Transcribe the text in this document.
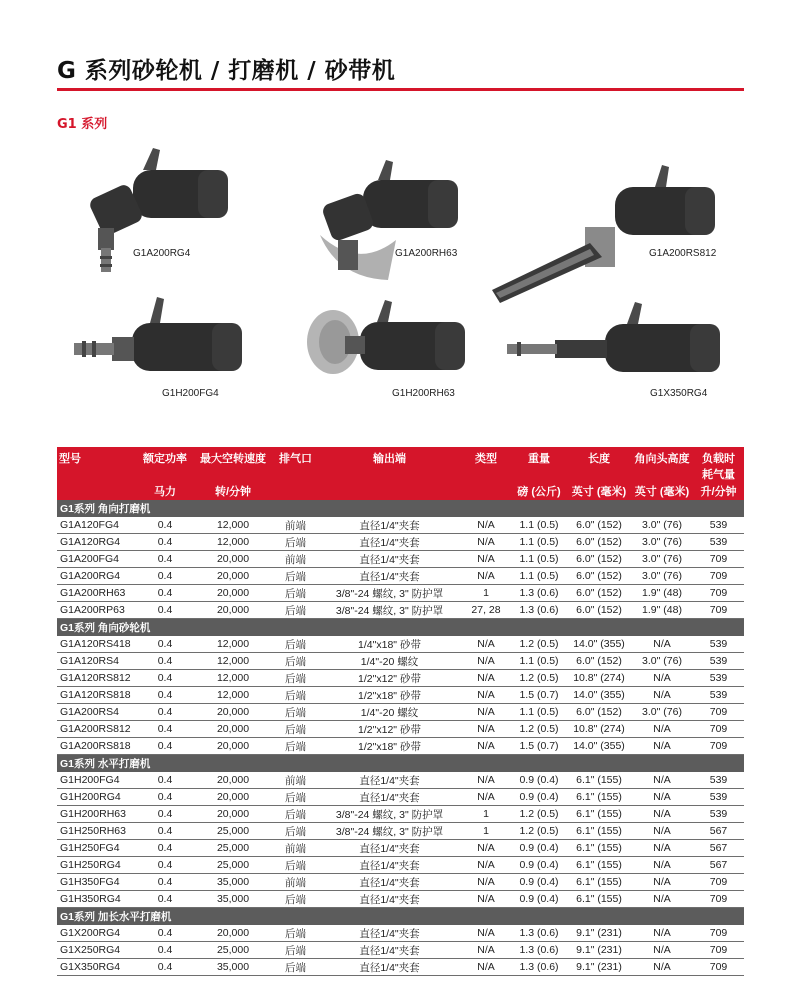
G 系列砂轮机 / 打磨机 / 砂带机
G1 系列
G1A200RG4	G1A200RH63	G1A200RS812
G1H200FG4	G1H200RH63	G1X350RG4
型号	额定功率	最大空转速度	排气口	输出端	类型	重量	长度	角向头高度	负载时
耗气量

	马力	转/分钟				磅 (公斤)	英寸 (毫米)	英寸 (毫米)	升/分钟
G1系列 角向打磨机									
G1A120FG4	0.4	12,000	前端	直径1/4"夹套	N/A	1.1 (0.5)	6.0" (152)	3.0" (76)	539
G1A120RG4	0.4	12,000	后端	直径1/4"夹套	N/A	1.1 (0.5)	6.0" (152)	3.0" (76)	539
G1A200FG4	0.4	20,000	前端	直径1/4"夹套	N/A	1.1 (0.5)	6.0" (152)	3.0" (76)	709
G1A200RG4	0.4	20,000	后端	直径1/4"夹套	N/A	1.1 (0.5)	6.0" (152)	3.0" (76)	709
G1A200RH63	0.4	20,000	后端	3/8"-24 螺纹, 3" 防护罩	1	1.3 (0.6)	6.0" (152)	1.9" (48)	709
G1A200RP63	0.4	20,000	后端	3/8"-24 螺纹, 3" 防护罩	27, 28	1.3 (0.6)	6.0" (152)	1.9" (48)	709
G1系列 角向砂轮机									
G1A120RS418	0.4	12,000	后端	1/4"x18" 砂带	N/A	1.2 (0.5)	14.0" (355)	N/A	539
G1A120RS4	0.4	12,000	后端	1/4"-20 螺纹	N/A	1.1 (0.5)	6.0" (152)	3.0" (76)	539
G1A120RS812	0.4	12,000	后端	1/2"x12" 砂带	N/A	1.2 (0.5)	10.8" (274)	N/A	539
G1A120RS818	0.4	12,000	后端	1/2"x18" 砂带	N/A	1.5 (0.7)	14.0" (355)	N/A	539
G1A200RS4	0.4	20,000	后端	1/4"-20 螺纹	N/A	1.1 (0.5)	6.0" (152)	3.0" (76)	709
G1A200RS812	0.4	20,000	后端	1/2"x12" 砂带	N/A	1.2 (0.5)	10.8" (274)	N/A	709
G1A200RS818	0.4	20,000	后端	1/2"x18" 砂带	N/A	1.5 (0.7)	14.0" (355)	N/A	709
G1系列 水平打磨机									
G1H200FG4	0.4	20,000	前端	直径1/4"夹套	N/A	0.9 (0.4)	6.1" (155)	N/A	539
G1H200RG4	0.4	20,000	后端	直径1/4"夹套	N/A	0.9 (0.4)	6.1" (155)	N/A	539
G1H200RH63	0.4	20,000	后端	3/8"-24 螺纹, 3" 防护罩	1	1.2 (0.5)	6.1" (155)	N/A	539
G1H250RH63	0.4	25,000	后端	3/8"-24 螺纹, 3" 防护罩	1	1.2 (0.5)	6.1" (155)	N/A	567
G1H250FG4	0.4	25,000	前端	直径1/4"夹套	N/A	0.9 (0.4)	6.1" (155)	N/A	567
G1H250RG4	0.4	25,000	后端	直径1/4"夹套	N/A	0.9 (0.4)	6.1" (155)	N/A	567
G1H350FG4	0.4	35,000	前端	直径1/4"夹套	N/A	0.9 (0.4)	6.1" (155)	N/A	709
G1H350RG4	0.4	35,000	后端	直径1/4"夹套	N/A	0.9 (0.4)	6.1" (155)	N/A	709
G1系列 加长水平打磨机									
G1X200RG4	0.4	20,000	后端	直径1/4"夹套	N/A	1.3 (0.6)	9.1" (231)	N/A	709
G1X250RG4	0.4	25,000	后端	直径1/4"夹套	N/A	1.3 (0.6)	9.1" (231)	N/A	709
G1X350RG4	0.4	35,000	后端	直径1/4"夹套	N/A	1.3 (0.6)	9.1" (231)	N/A	709
